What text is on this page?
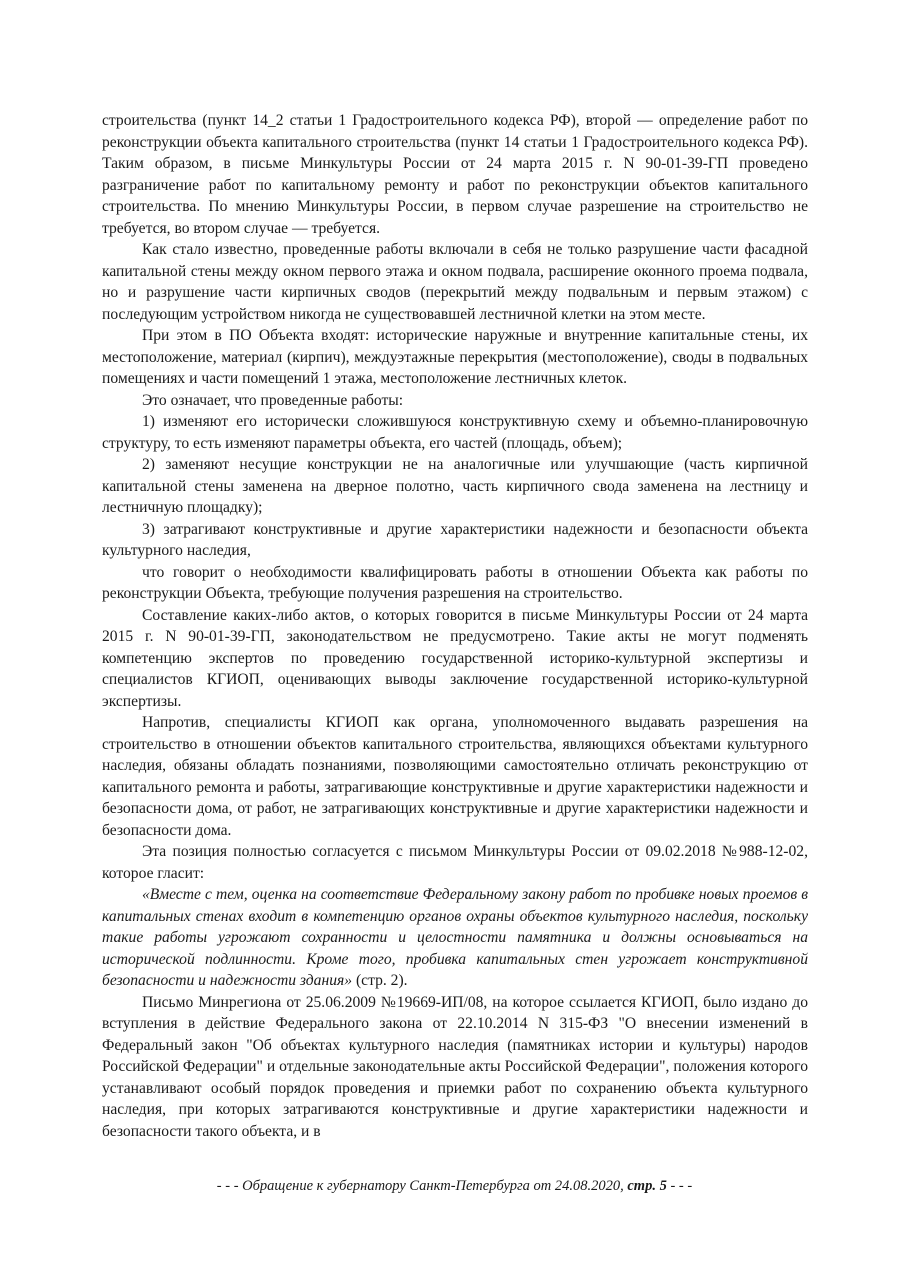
строительства (пункт 14_2 статьи 1 Градостроительного кодекса РФ), второй — определение работ по реконструкции объекта капитального строительства (пункт 14 статьи 1 Градостроительного кодекса РФ). Таким образом, в письме Минкультуры России от 24 марта 2015 г. N 90-01-39-ГП проведено разграничение работ по капитальному ремонту и работ по реконструкции объектов капитального строительства. По мнению Минкультуры России, в первом случае разрешение на строительство не требуется, во втором случае — требуется.

Как стало известно, проведенные работы включали в себя не только разрушение части фасадной капитальной стены между окном первого этажа и окном подвала, расширение оконного проема подвала, но и разрушение части кирпичных сводов (перекрытий между подвальным и первым этажом) с последующим устройством никогда не существовавшей лестничной клетки на этом месте.

При этом в ПО Объекта входят: исторические наружные и внутренние капитальные стены, их местоположение, материал (кирпич), междуэтажные перекрытия (местоположение), своды в подвальных помещениях и части помещений 1 этажа, местоположение лестничных клеток.

Это означает, что проведенные работы:

1) изменяют его исторически сложившуюся конструктивную схему и объемно-планировочную структуру, то есть изменяют параметры объекта, его частей (площадь, объем);

2) заменяют несущие конструкции не на аналогичные или улучшающие (часть кирпичной капитальной стены заменена на дверное полотно, часть кирпичного свода заменена на лестницу и лестничную площадку);

3) затрагивают конструктивные и другие характеристики надежности и безопасности объекта культурного наследия,

что говорит о необходимости квалифицировать работы в отношении Объекта как работы по реконструкции Объекта, требующие получения разрешения на строительство.

Составление каких-либо актов, о которых говорится в письме Минкультуры России от 24 марта 2015 г. N 90-01-39-ГП, законодательством не предусмотрено. Такие акты не могут подменять компетенцию экспертов по проведению государственной историко-культурной экспертизы и специалистов КГИОП, оценивающих выводы заключение государственной историко-культурной экспертизы.

Напротив, специалисты КГИОП как органа, уполномоченного выдавать разрешения на строительство в отношении объектов капитального строительства, являющихся объектами культурного наследия, обязаны обладать познаниями, позволяющими самостоятельно отличать реконструкцию от капитального ремонта и работы, затрагивающие конструктивные и другие характеристики надежности и безопасности дома, от работ, не затрагивающих конструктивные и другие характеристики надежности и безопасности дома.

Эта позиция полностью согласуется с письмом Минкультуры России от 09.02.2018 №988-12-02, которое гласит:

«Вместе с тем, оценка на соответствие Федеральному закону работ по пробивке новых проемов в капитальных стенах входит в компетенцию органов охраны объектов культурного наследия, поскольку такие работы угрожают сохранности и целостности памятника и должны основываться на исторической подлинности. Кроме того, пробивка капитальных стен угрожает конструктивной безопасности и надежности здания» (стр. 2).

Письмо Минрегиона от 25.06.2009 №19669-ИП/08, на которое ссылается КГИОП, было издано до вступления в действие Федерального закона от 22.10.2014 N 315-ФЗ "О внесении изменений в Федеральный закон "Об объектах культурного наследия (памятниках истории и культуры) народов Российской Федерации" и отдельные законодательные акты Российской Федерации", положения которого устанавливают особый порядок проведения и приемки работ по сохранению объекта культурного наследия, при которых затрагиваются конструктивные и другие характеристики надежности и безопасности такого объекта, и в

- - - Обращение к губернатору Санкт-Петербурга от 24.08.2020, стр. 5 - - -
